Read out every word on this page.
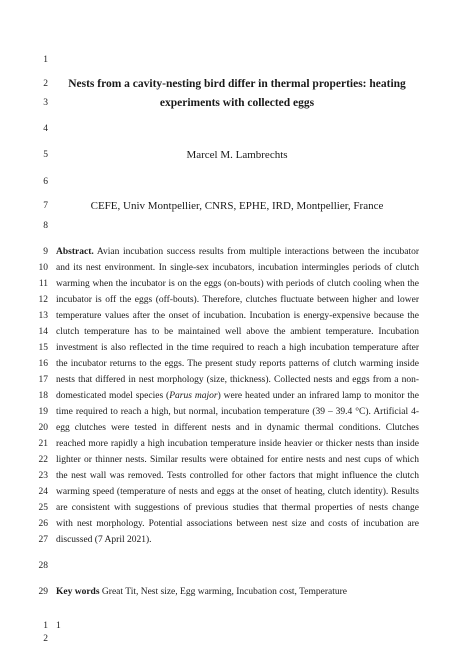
1
2
3
4
5
6
7
8
9
10
11
12
13
14
15
16
17
18
19
20
21
22
23
24
25
26
27
28
29
1
2
Nests from a cavity-nesting bird differ in thermal properties: heating
experiments with collected eggs
Marcel M. Lambrechts
CEFE, Univ Montpellier, CNRS, EPHE, IRD, Montpellier, France
Abstract. Avian incubation success results from multiple interactions between the incubator
and its nest environment. In single-sex incubators, incubation intermingles periods of clutch
warming when the incubator is on the eggs (on-bouts) with periods of clutch cooling when the
incubator is off the eggs (off-bouts). Therefore, clutches fluctuate between higher and lower
temperature values after the onset of incubation. Incubation is energy-expensive because the
clutch temperature has to be maintained well above the ambient temperature. Incubation
investment is also reflected in the time required to reach a high incubation temperature after
the incubator returns to the eggs. The present study reports patterns of clutch warming inside
nests that differed in nest morphology (size, thickness). Collected nests and eggs from a non-
domesticated model species (Parus major) were heated under an infrared lamp to monitor the
time required to reach a high, but normal, incubation temperature (39 – 39.4 °C). Artificial 4-
egg clutches were tested in different nests and in dynamic thermal conditions. Clutches
reached more rapidly a high incubation temperature inside heavier or thicker nests than inside
lighter or thinner nests. Similar results were obtained for entire nests and nest cups of which
the nest wall was removed. Tests controlled for other factors that might influence the clutch
warming speed (temperature of nests and eggs at the onset of heating, clutch identity). Results
are consistent with suggestions of previous studies that thermal properties of nests change
with nest morphology. Potential associations between nest size and costs of incubation are
discussed (7 April 2021).
Key words Great Tit, Nest size, Egg warming, Incubation cost, Temperature
1
